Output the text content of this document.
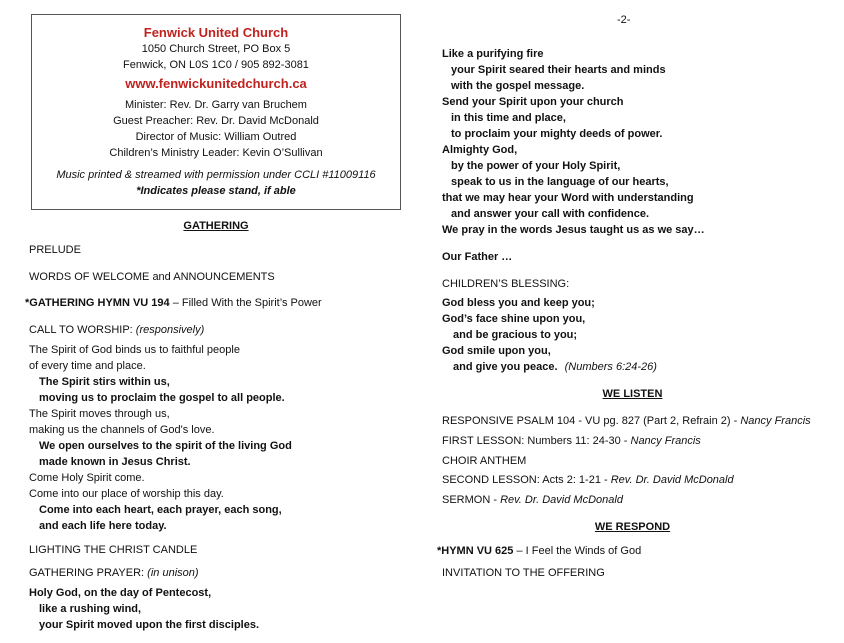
Fenwick United Church
1050 Church Street, PO Box 5
Fenwick, ON L0S 1C0 / 905 892-3081
www.fenwickunitedchurch.ca
Minister: Rev. Dr. Garry van Bruchem
Guest Preacher: Rev. Dr. David McDonald
Director of Music: William Outred
Children’s Ministry Leader: Kevin O’Sullivan
Music printed & streamed with permission under CCLI #11009116
*Indicates please stand, if able
-2-
GATHERING
PRELUDE
WORDS OF WELCOME and ANNOUNCEMENTS
*GATHERING HYMN VU 194 – Filled With the Spirit’s Power
CALL TO WORSHIP: (responsively)
The Spirit of God binds us to faithful people
of every time and place.
The Spirit stirs within us,
moving us to proclaim the gospel to all people.
The Spirit moves through us,
making us the channels of God's love.
We open ourselves to the spirit of the living God
made known in Jesus Christ.
Come Holy Spirit come.
Come into our place of worship this day.
Come into each heart, each prayer, each song,
and each life here today.
LIGHTING THE CHRIST CANDLE
GATHERING PRAYER: (in unison)
Holy God, on the day of Pentecost,
like a rushing wind,
your Spirit moved upon the first disciples.
Like a purifying fire
your Spirit seared their hearts and minds
with the gospel message.
Send your Spirit upon your church
in this time and place,
to proclaim your mighty deeds of power.
Almighty God,
by the power of your Holy Spirit,
speak to us in the language of our hearts,
that we may hear your Word with understanding
and answer your call with confidence.
We pray in the words Jesus taught us as we say…
Our Father …
CHILDREN’S BLESSING:
God bless you and keep you;
God’s face shine upon you,
and be gracious to you;
God smile upon you,
and give you peace. (Numbers 6:24-26)
WE LISTEN
RESPONSIVE PSALM 104 - VU pg. 827 (Part 2, Refrain 2) - Nancy Francis
FIRST LESSON: Numbers 11: 24-30 - Nancy Francis
CHOIR ANTHEM
SECOND LESSON: Acts 2: 1-21 - Rev. Dr. David McDonald
SERMON - Rev. Dr. David McDonald
WE RESPOND
*HYMN VU 625 – I Feel the Winds of God
INVITATION TO THE OFFERING
